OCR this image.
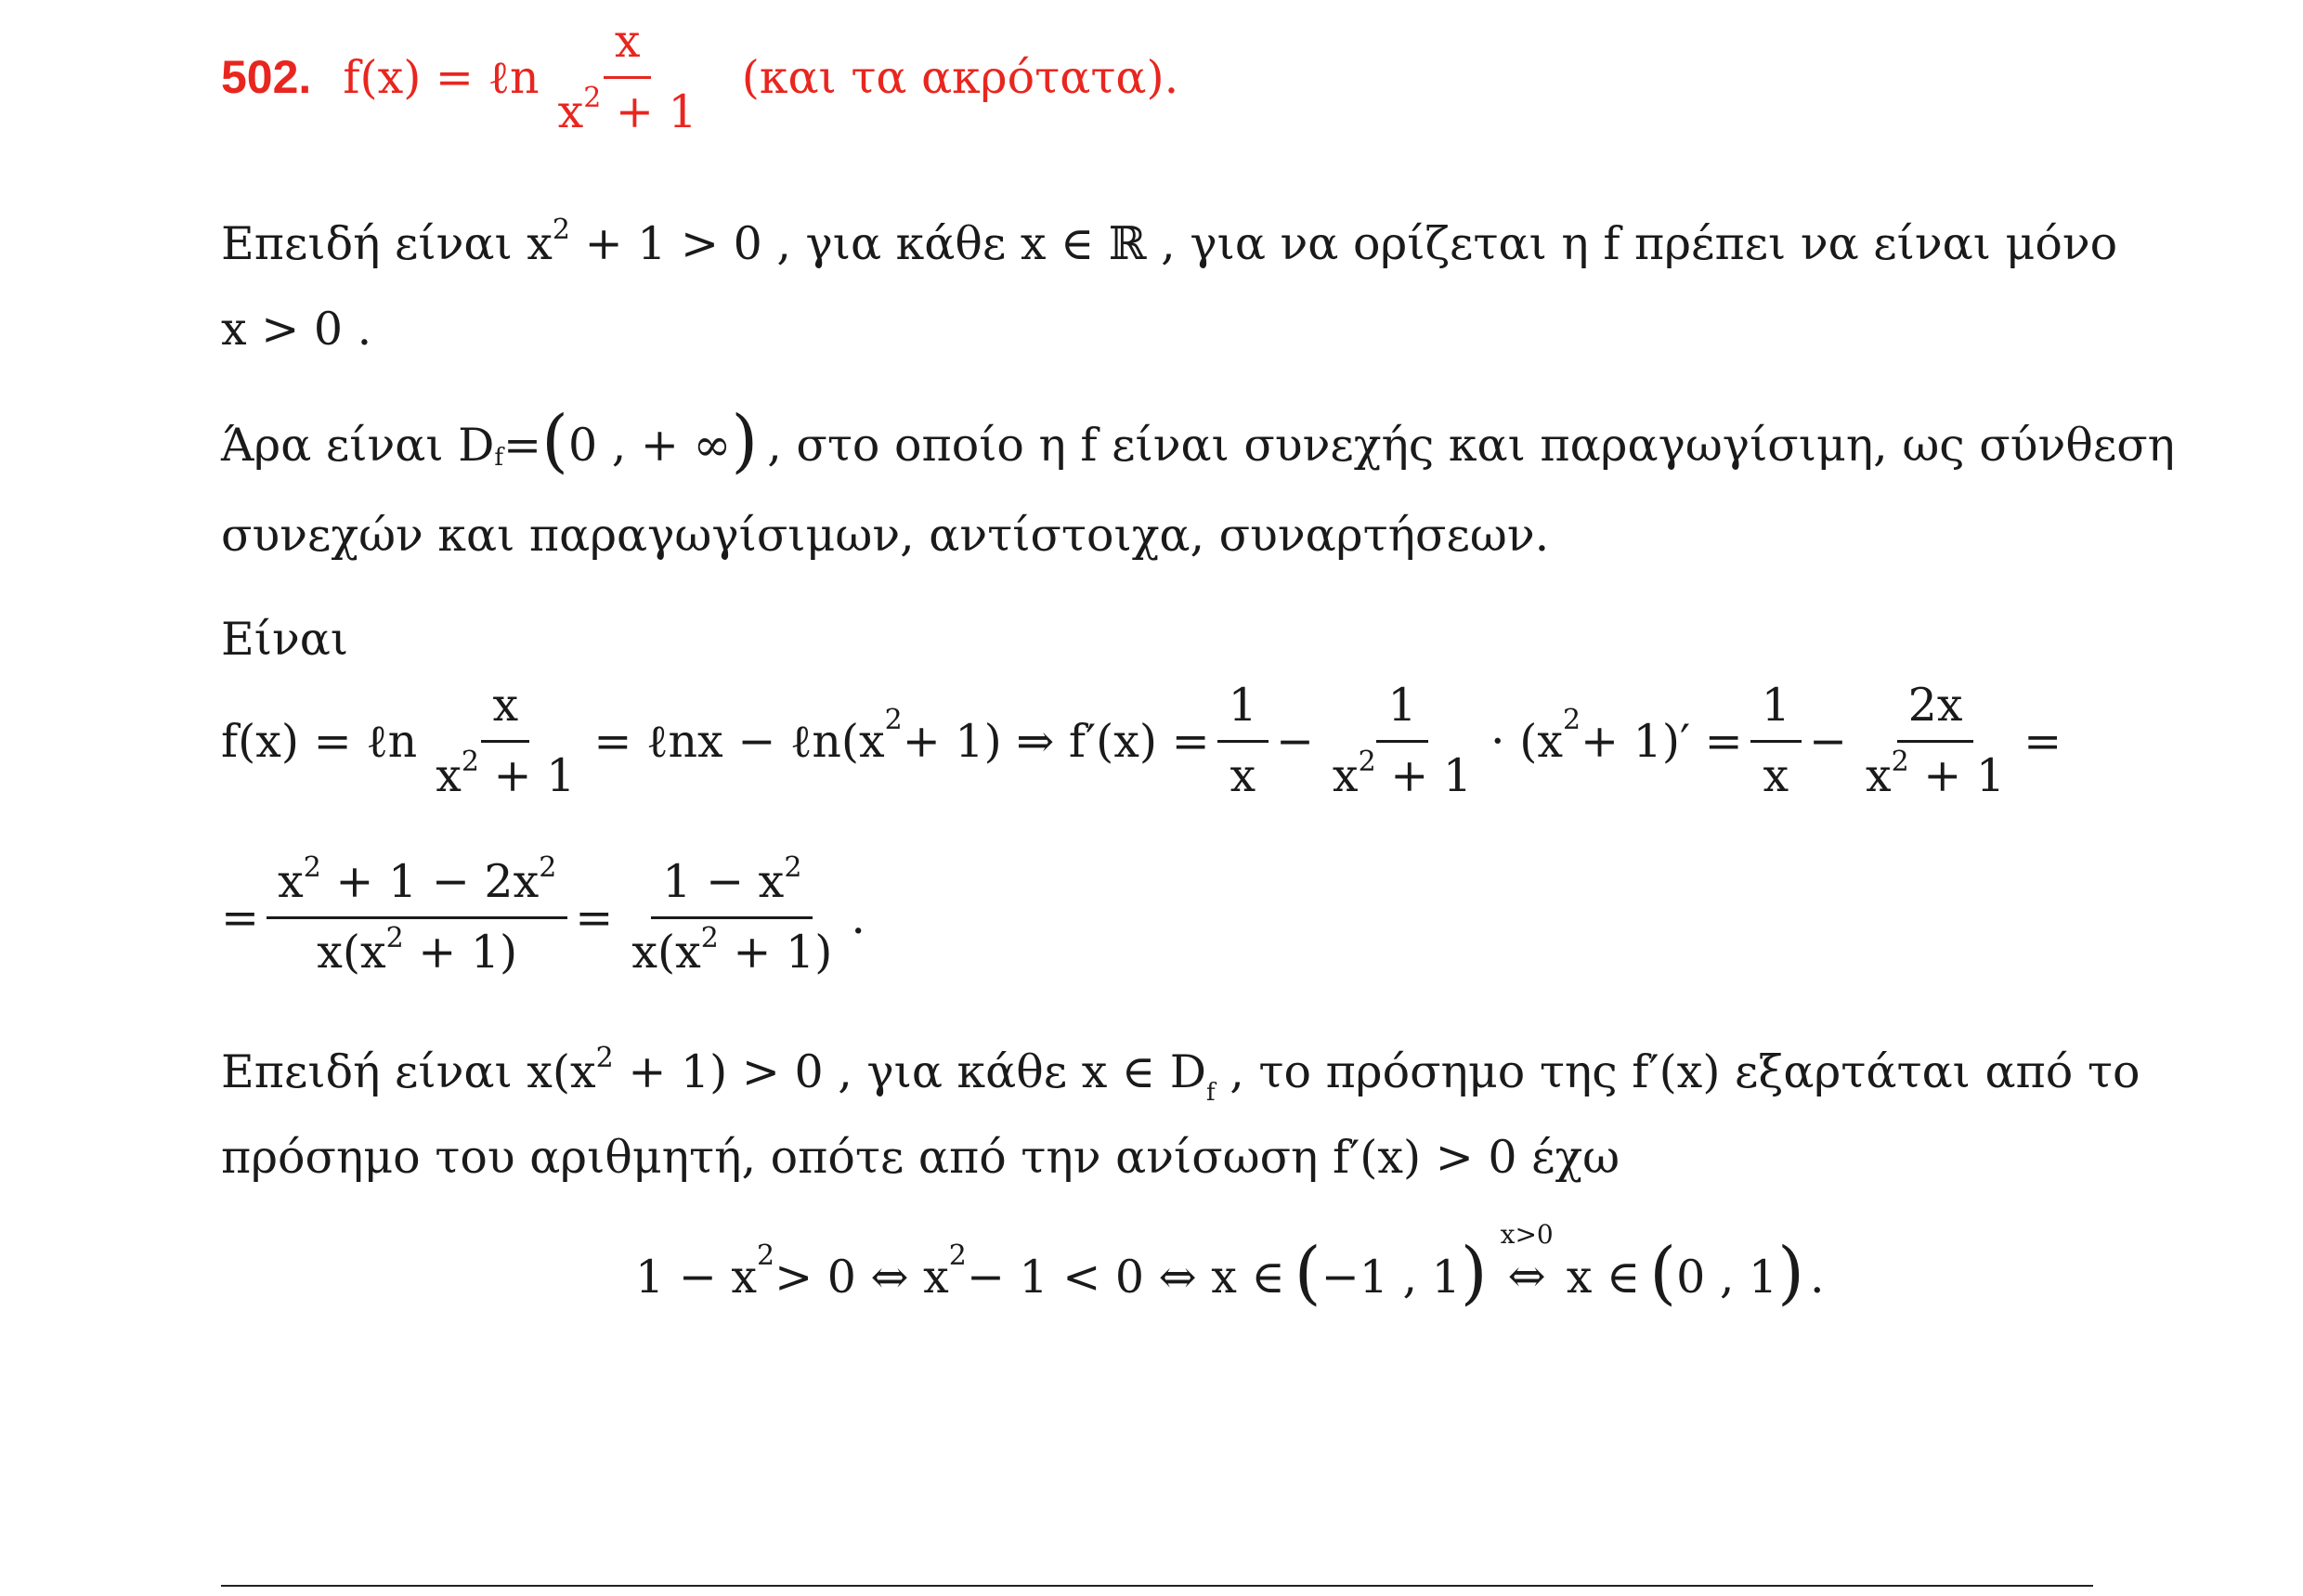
502. f(x) = ℓn $\frac{x}{x^2 + 1} (\kappa\alpha\iota$ τα ακρότατα).
Επειδή είναι $x^2 + 1 > 0$ , για κάθε x ∈ ℝ , για να ορίζεται η f πρέπει να είναι μόνο
x > 0 .
Άρα είναι D f = ( 0 , + ∞ ) , στο οποίο η f είναι συνεχής και παραγωγίσιμη, ως σύνθεση
συνεχών και παραγωγίσιμων, αντίστοιχα, συναρτήσεων.
Είναι
f(x) = ℓn $\frac{x}{x^2 + 1}$ = ℓnx − ℓn(x 2 + 1) ⇒ $f'(x) = \frac{1}{x} - \frac{1}{x^2 + 1} \cdot (x$ $2 + 1)' = \frac{1}{x} - \frac{2x}{x^2 + 1}$ =
= $\frac{x^2 + 1 - 2x^2}{x(x^2 + 1)} = \frac{1 - x^2}{x(x^2 + 1)}$ .
Επειδή είναι $x(x^2 + 1) > 0$ , για κάθε x ∈ $D_f$ , το πρόσημο της f′(x) εξαρτάται από το
πρόσημο του αριθμητή, οπότε από την ανίσωση f′(x) > 0 έχω
1 − x 2 > 0 ⇔ x 2 − 1 < 0 ⇔ x ∈ ( −1 , 1 ) x>0
⇔ x ∈ ( 0 , 1 ) .
